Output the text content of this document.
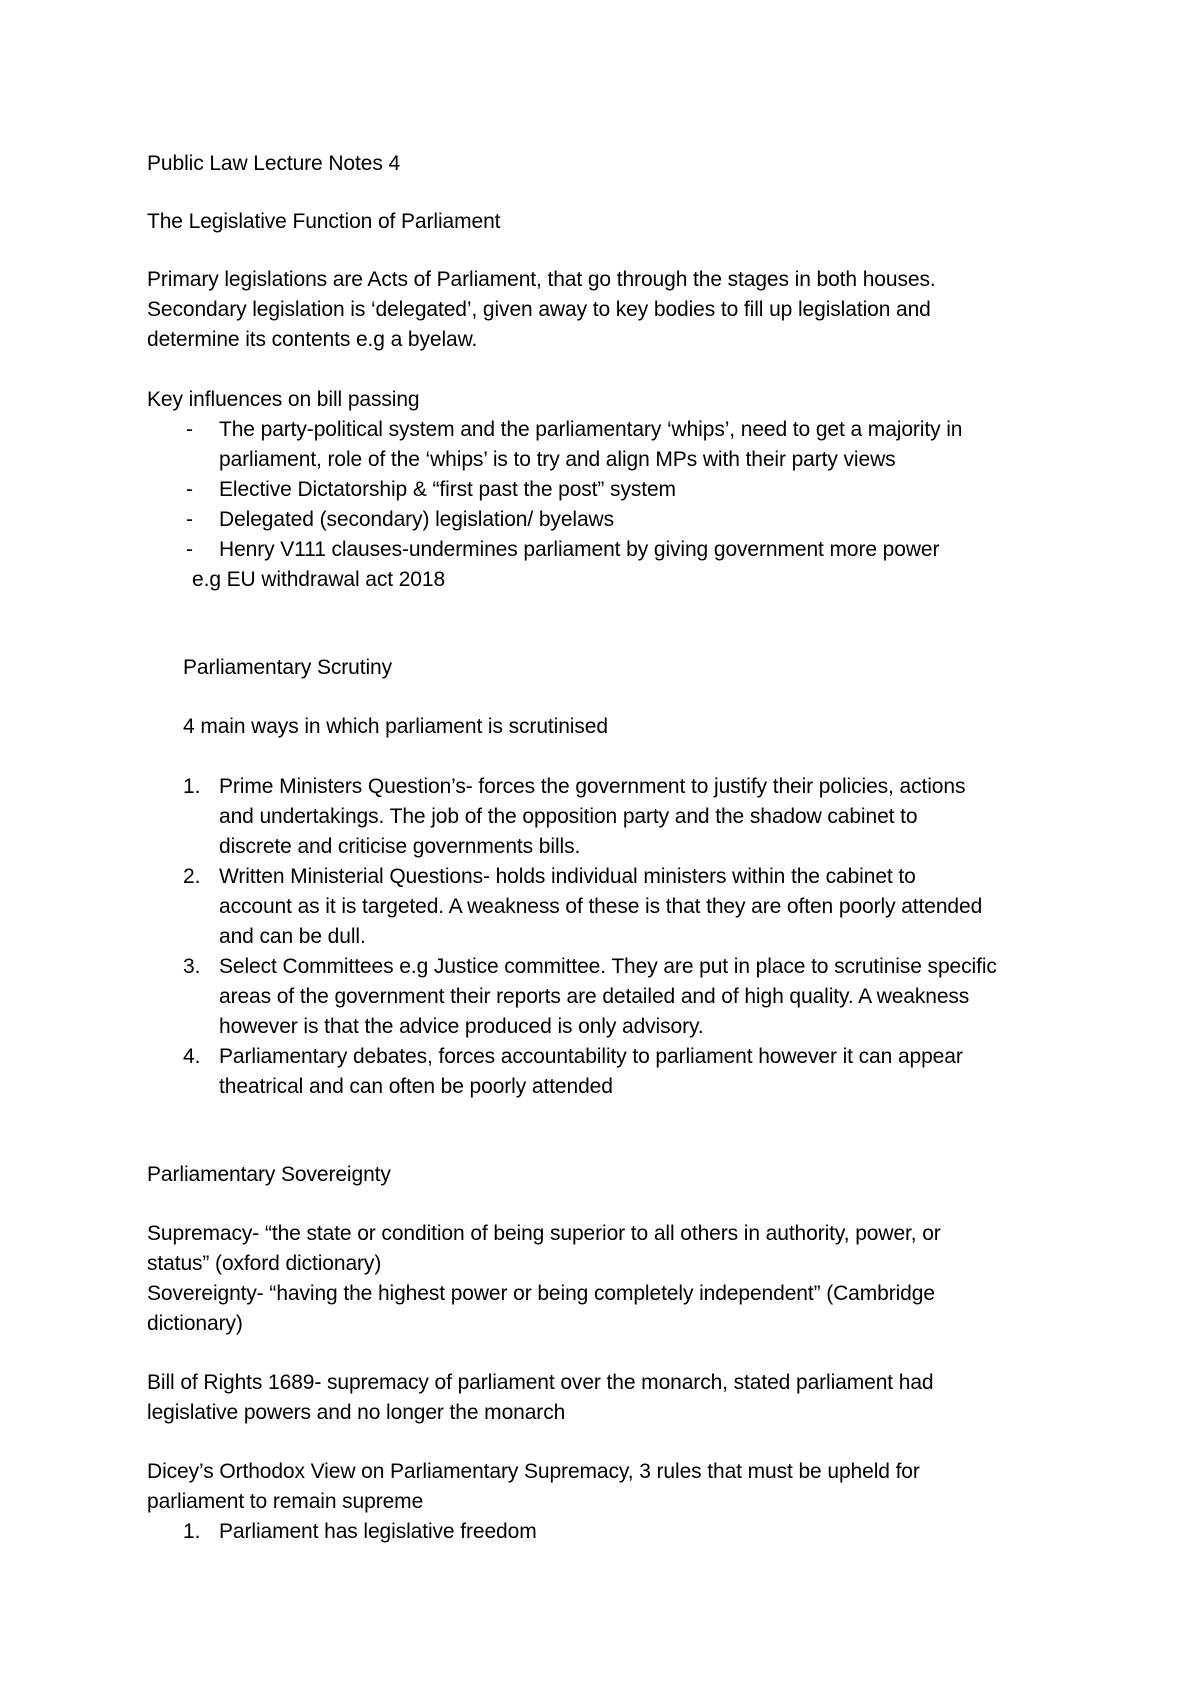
Public Law Lecture Notes 4
The Legislative Function of Parliament
Primary legislations are Acts of Parliament, that go through the stages in both houses.
Secondary legislation is ‘delegated’, given away to key bodies to fill up legislation and
determine its contents e.g a byelaw.
Key influences on bill passing
- The party-political system and the parliamentary ‘whips’, need to get a majority in
parliament, role of the ‘whips’ is to try and align MPs with their party views
- Elective Dictatorship & “first past the post” system
- Delegated (secondary) legislation/ byelaws
- Henry V111 clauses-undermines parliament by giving government more power
e.g EU withdrawal act 2018
Parliamentary Scrutiny
4 main ways in which parliament is scrutinised
1. Prime Ministers Question’s- forces the government to justify their policies, actions
and undertakings. The job of the opposition party and the shadow cabinet to
discrete and criticise governments bills.
2. Written Ministerial Questions- holds individual ministers within the cabinet to
account as it is targeted. A weakness of these is that they are often poorly attended
and can be dull.
3. Select Committees e.g Justice committee. They are put in place to scrutinise specific
areas of the government their reports are detailed and of high quality. A weakness
however is that the advice produced is only advisory.
4. Parliamentary debates, forces accountability to parliament however it can appear
theatrical and can often be poorly attended
Parliamentary Sovereignty
Supremacy- “the state or condition of being superior to all others in authority, power, or
status” (oxford dictionary)
Sovereignty- “having the highest power or being completely independent” (Cambridge
dictionary)
Bill of Rights 1689- supremacy of parliament over the monarch, stated parliament had
legislative powers and no longer the monarch
Dicey’s Orthodox View on Parliamentary Supremacy, 3 rules that must be upheld for
parliament to remain supreme
1. Parliament has legislative freedom
